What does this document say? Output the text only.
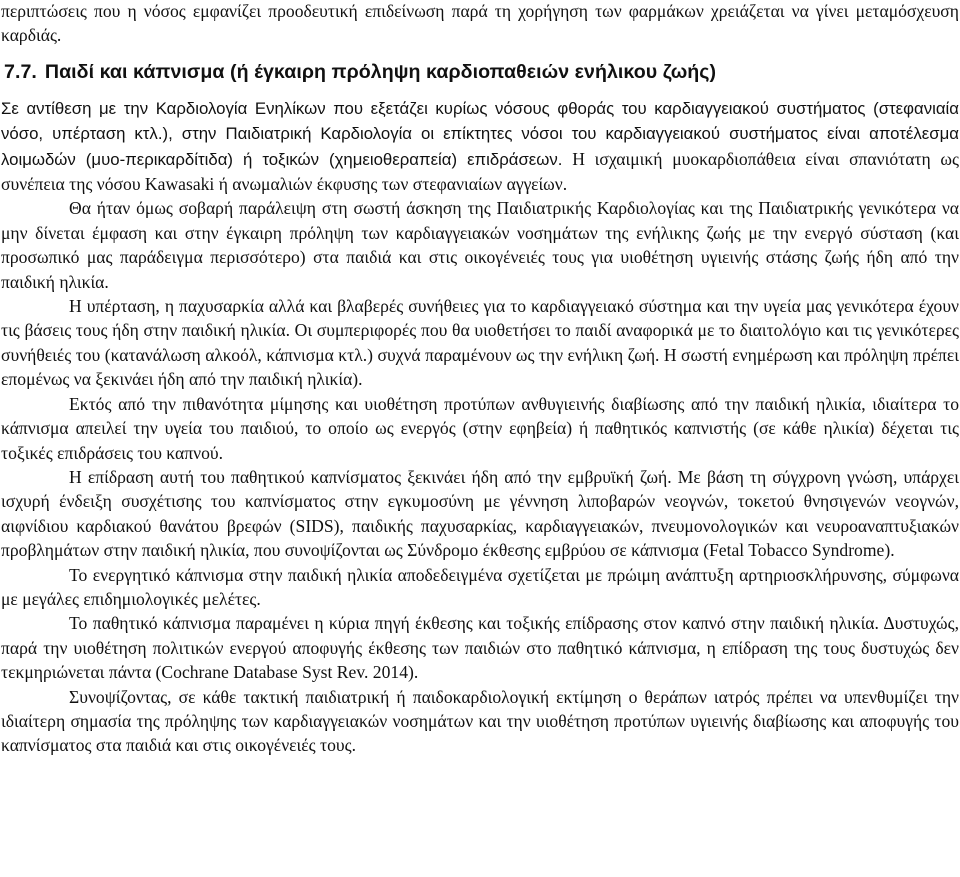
περιπτώσεις που η νόσος εμφανίζει προοδευτική επιδείνωση παρά τη χορήγηση των φαρμάκων χρειάζεται να γίνει μεταμόσχευση καρδιάς.

7.7. Παιδί και κάπνισμα (ή έγκαιρη πρόληψη καρδιοπαθειών ενήλικου ζωής)

Σε αντίθεση με την Καρδιολογία Ενηλίκων που εξετάζει κυρίως νόσους φθοράς του καρδιαγγειακού συστήματος (στεφανιαία νόσο, υπέρταση κτλ.), στην Παιδιατρική Καρδιολογία οι επίκτητες νόσοι του καρδιαγγειακού συστήματος είναι αποτέλεσμα λοιμωδών (μυο-περικαρδίτιδα) ή τοξικών (χημειοθεραπεία) επιδράσεων. Η ισχαιμική μυοκαρδιοπάθεια είναι σπανιότατη ως συνέπεια της νόσου Kawasaki ή ανωμαλιών έκφυσης των στεφανιαίων αγγείων.

Θα ήταν όμως σοβαρή παράλειψη στη σωστή άσκηση της Παιδιατρικής Καρδιολογίας και της Παιδιατρικής γενικότερα να μην δίνεται έμφαση και στην έγκαιρη πρόληψη των καρδιαγγειακών νοσημάτων της ενήλικης ζωής με την ενεργό σύσταση (και προσωπικό μας παράδειγμα περισσότερο) στα παιδιά και στις οικογένειές τους για υιοθέτηση υγιεινής στάσης ζωής ήδη από την παιδική ηλικία.

Η υπέρταση, η παχυσαρκία αλλά και βλαβερές συνήθειες για το καρδιαγγειακό σύστημα και την υγεία μας γενικότερα έχουν τις βάσεις τους ήδη στην παιδική ηλικία. Οι συμπεριφορές που θα υιοθετήσει το παιδί αναφορικά με το διαιτολόγιο και τις γενικότερες συνήθειές του (κατανάλωση αλκοόλ, κάπνισμα κτλ.) συχνά παραμένουν ως την ενήλικη ζωή. Η σωστή ενημέρωση και πρόληψη πρέπει επομένως να ξεκινάει ήδη από την παιδική ηλικία).

Εκτός από την πιθανότητα μίμησης και υιοθέτηση προτύπων ανθυγιεινής διαβίωσης από την παιδική ηλικία, ιδιαίτερα το κάπνισμα απειλεί την υγεία του παιδιού, το οποίο ως ενεργός (στην εφηβεία) ή παθητικός καπνιστής (σε κάθε ηλικία) δέχεται τις τοξικές επιδράσεις του καπνού.

Η επίδραση αυτή του παθητικού καπνίσματος ξεκινάει ήδη από την εμβρυϊκή ζωή. Με βάση τη σύγχρονη γνώση, υπάρχει ισχυρή ένδειξη συσχέτισης του καπνίσματος στην εγκυμοσύνη με γέννηση λιποβαρών νεογνών, τοκετού θνησιγενών νεογνών, αιφνίδιου καρδιακού θανάτου βρεφών (SIDS), παιδικής παχυσαρκίας, καρδιαγγειακών, πνευμονολογικών και νευροαναπτυξιακών προβλημάτων στην παιδική ηλικία, που συνοψίζονται ως Σύνδρομο έκθεσης εμβρύου σε κάπνισμα (Fetal Tobacco Syndrome).

Το ενεργητικό κάπνισμα στην παιδική ηλικία αποδεδειγμένα σχετίζεται με πρώιμη ανάπτυξη αρτηριοσκλήρυνσης, σύμφωνα με μεγάλες επιδημιολογικές μελέτες.

Το παθητικό κάπνισμα παραμένει η κύρια πηγή έκθεσης και τοξικής επίδρασης στον καπνό στην παιδική ηλικία. Δυστυχώς, παρά την υιοθέτηση πολιτικών ενεργού αποφυγής έκθεσης των παιδιών στο παθητικό κάπνισμα, η επίδραση της τους δυστυχώς δεν τεκμηριώνεται πάντα (Cochrane Database Syst Rev. 2014).

Συνοψίζοντας, σε κάθε τακτική παιδιατρική ή παιδοκαρδιολογική εκτίμηση ο θεράπων ιατρός πρέπει να υπενθυμίζει την ιδιαίτερη σημασία της πρόληψης των καρδιαγγειακών νοσημάτων και την υιοθέτηση προτύπων υγιεινής διαβίωσης και αποφυγής του καπνίσματος στα παιδιά και στις οικογένειές τους.
